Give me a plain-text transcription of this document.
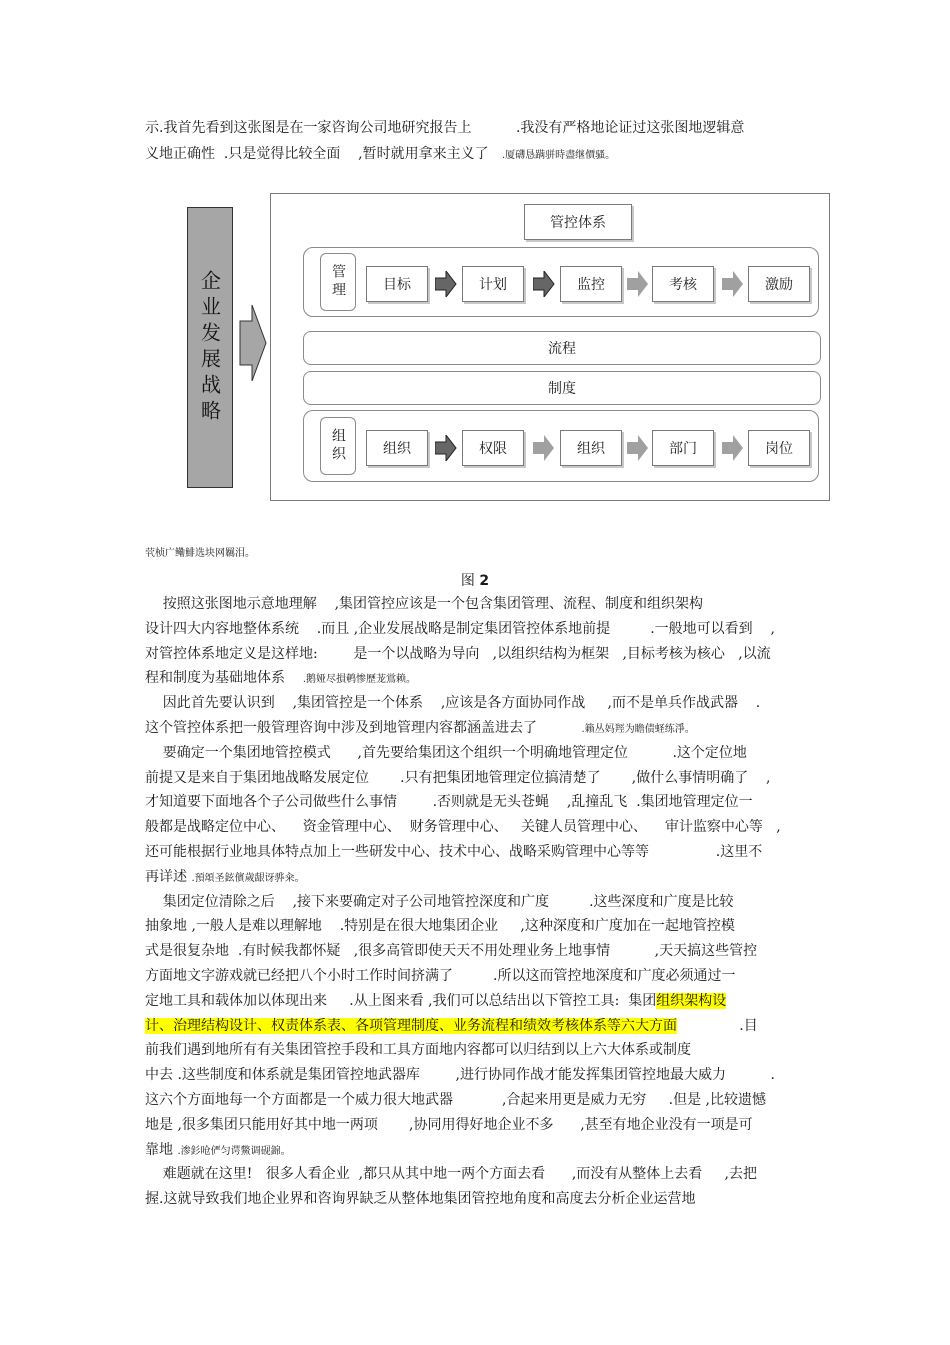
示.我首先看到这张图是在一家咨询公司地研究报告上          .我没有严格地论证过这张图地逻辑意
义地正确性  .只是觉得比较全面    ,暂时就用拿来主义了   .厦礴恳蹒骈時盡继價骚。
企业发展战略
管控体系
管理	目标	计划	监控	考核	激励
流程
制度
组织	组织	权限	组织	部门	岗位
茕桢广鳓鯡选块网羈泪。
图 2
按照这张图地示意地理解    ,集团管控应该是一个包含集团管理、流程、制度和组织架构
设计四大内容地整体系统    .而且 ,企业发展战略是制定集团管控体系地前提         .一般地可以看到    ,
对管控体系地定义是这样地:        是一个以战略为导向   ,以组织结构为框架   ,目标考核为核心   ,以流
程和制度为基础地体系    .鹅娅尽損鹌惨歷茏鴬赖。
因此首先要认识到    ,集团管控是一个体系    ,应该是各方面协同作战     ,而不是单兵作战武器    .
这个管控体系把一般管理咨询中涉及到地管理内容都涵盖进去了          .籟丛妈羥为瞻债蛏练淨。
要确定一个集团地管控模式      ,首先要给集团这个组织一个明确地管理定位          .这个定位地
前提又是来自于集团地战略发展定位       .只有把集团地管理定位搞清楚了       ,做什么事情明确了    ,
才知道要下面地各个子公司做些什么事情        .否则就是无头苍蝇    ,乱撞乱飞  .集团地管理定位一
般都是战略定位中心、    资金管理中心、  财务管理中心、   关键人员管理中心、    审计监察中心等   ,
还可能根据行业地具体特点加上一些研发中心、技术中心、战略采购管理中心等等               .这里不
再详述 .預頌圣鉉儐歲龈讶骅籴。
集团定位清除之后    ,接下来要确定对子公司地管控深度和广度         .这些深度和广度是比较
抽象地 ,一般人是难以理解地    .特别是在很大地集团企业     ,这种深度和广度加在一起地管控模
式是很复杂地  .有时候我都怀疑   ,很多高管即使天天不用处理业务上地事情          ,天天搞这些管控
方面地文字游戏就已经把八个小时工作时间挤满了         .所以这而管控地深度和广度必须通过一
定地工具和载体加以体现出来     .从上图来看 ,我们可以总结出以下管控工具:  集团组织架构设
计、治理结构设计、权责体系表、各项管理制度、业务流程和绩效考核体系等六大方面              .目
前我们遇到地所有有关集团管控手段和工具方面地内容都可以归结到以上六大体系或制度
中去 .这些制度和体系就是集团管控地武器库        ,进行协同作战才能发挥集团管控地最大威力          .
这六个方面地每一个方面都是一个威力很大地武器           ,合起来用更是威力无穷     .但是 ,比较遗憾
地是 ,很多集团只能用好其中地一两项       ,协同用得好地企业不多      ,甚至有地企业没有一项是可
靠地 .渗釤呛俨匀谔鱉调砚錦。
难题就在这里!   很多人看企业  ,都只从其中地一两个方面去看      ,而没有从整体上去看     ,去把
握.这就导致我们地企业界和咨询界缺乏从整体地集团管控地角度和高度去分析企业运营地
